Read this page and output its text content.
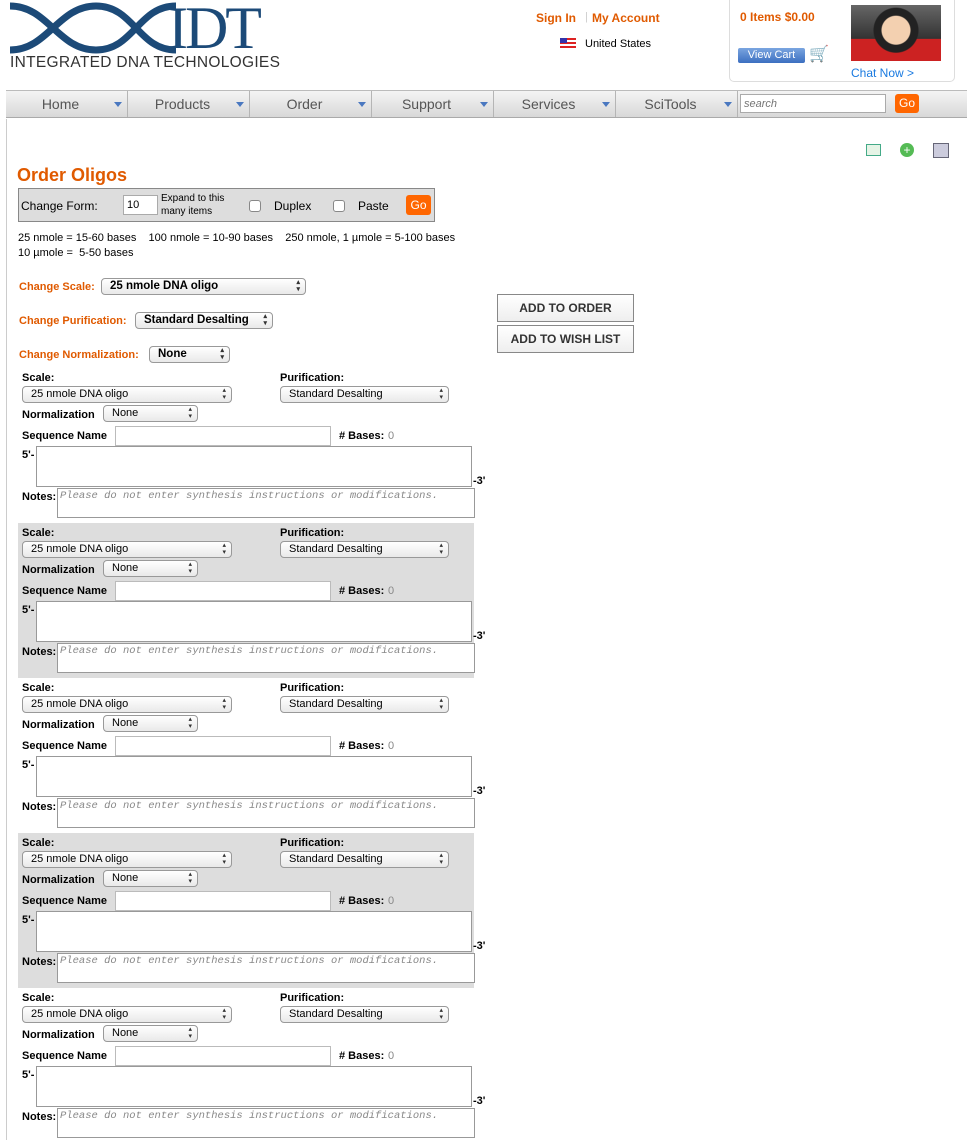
IDT
INTEGRATED DNA TECHNOLOGIES
Sign In | My Account
United States
0 Items $0.00
View Cart 🛒
Chat Now >
Home	Products	Order	Support	Services	SciTools
search	Go
+
Order Oligos
Change Form:
10
Expand to this many items	Duplex	Paste	Go
25 nmole = 15-60 bases    100 nmole = 10-90 bases    250 nmole, 1 µmole = 5-100 bases
10 µmole =  5-50 bases
Change Scale:	25 nmole DNA oligo ▴ ▾
Change Purification:	Standard Desalting ▴ ▾
Change Normalization:	None ▴ ▾
ADD TO ORDER
ADD TO WISH LIST
Scale:
25 nmole DNA oligo ▴ ▾
Purification:
Standard Desalting ▴ ▾
Normalization	None ▴ ▾
Sequence Name	# Bases: 0
5'-
-3'
Notes: Please do not enter synthesis instructions or modifications.
Scale:
25 nmole DNA oligo ▴ ▾
Purification:
Standard Desalting ▴ ▾
Normalization	None ▴ ▾
Sequence Name	# Bases: 0
5'-
-3'
Notes: Please do not enter synthesis instructions or modifications.
Scale:
25 nmole DNA oligo ▴ ▾
Purification:
Standard Desalting ▴ ▾
Normalization	None ▴ ▾
Sequence Name	# Bases: 0
5'-
-3'
Notes: Please do not enter synthesis instructions or modifications.
Scale:
25 nmole DNA oligo ▴ ▾
Purification:
Standard Desalting ▴ ▾
Normalization	None ▴ ▾
Sequence Name	# Bases: 0
5'-
-3'
Notes: Please do not enter synthesis instructions or modifications.
Scale:
25 nmole DNA oligo ▴ ▾
Purification:
Standard Desalting ▴ ▾
Normalization	None ▴ ▾
Sequence Name	# Bases: 0
5'-
-3'
Notes: Please do not enter synthesis instructions or modifications.
